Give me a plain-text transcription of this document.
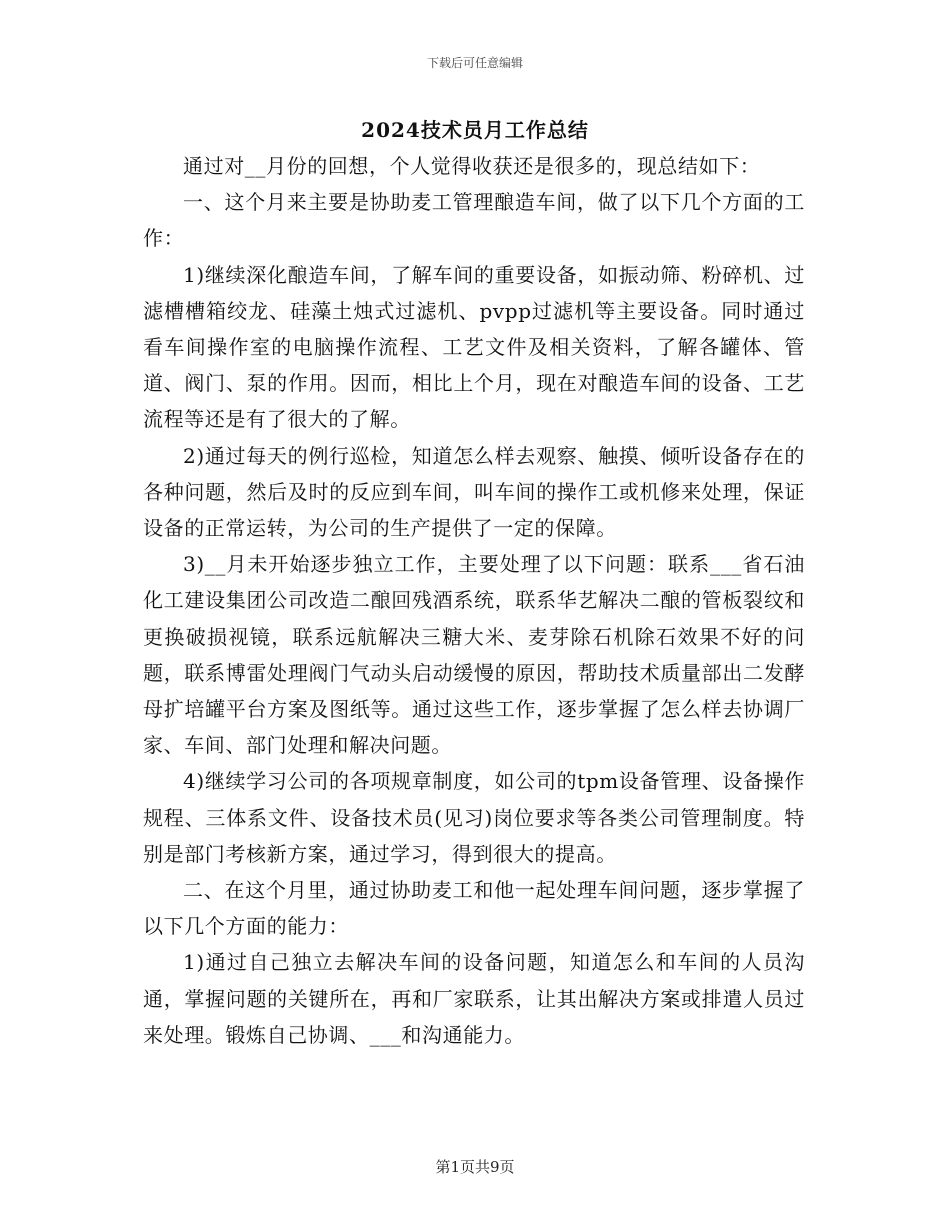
下载后可任意编辑
2024技术员月工作总结

通过对__月份的回想，个人觉得收获还是很多的，现总结如下：

一、这个月来主要是协助麦工管理酿造车间，做了以下几个方面的工作：

1)继续深化酿造车间，了解车间的重要设备，如振动筛、粉碎机、过滤槽槽箱绞龙、硅藻土烛式过滤机、pvpp过滤机等主要设备。同时通过看车间操作室的电脑操作流程、工艺文件及相关资料，了解各罐体、管道、阀门、泵的作用。因而，相比上个月，现在对酿造车间的设备、工艺流程等还是有了很大的了解。

2)通过每天的例行巡检，知道怎么样去观察、触摸、倾听设备存在的各种问题，然后及时的反应到车间，叫车间的操作工或机修来处理，保证设备的正常运转，为公司的生产提供了一定的保障。

3)__月未开始逐步独立工作，主要处理了以下问题：联系___省石油化工建设集团公司改造二酿回残酒系统，联系华艺解决二酿的管板裂纹和更换破损视镜，联系远航解决三糖大米、麦芽除石机除石效果不好的问题，联系博雷处理阀门气动头启动缓慢的原因，帮助技术质量部出二发酵母扩培罐平台方案及图纸等。通过这些工作，逐步掌握了怎么样去协调厂家、车间、部门处理和解决问题。

4)继续学习公司的各项规章制度，如公司的tpm设备管理、设备操作规程、三体系文件、设备技术员(见习)岗位要求等各类公司管理制度。特别是部门考核新方案，通过学习，得到很大的提高。

二、在这个月里，通过协助麦工和他一起处理车间问题，逐步掌握了以下几个方面的能力：

1)通过自己独立去解决车间的设备问题，知道怎么和车间的人员沟通，掌握问题的关键所在，再和厂家联系，让其出解决方案或排遣人员过来处理。锻炼自己协调、___和沟通能力。

第1页共9页
